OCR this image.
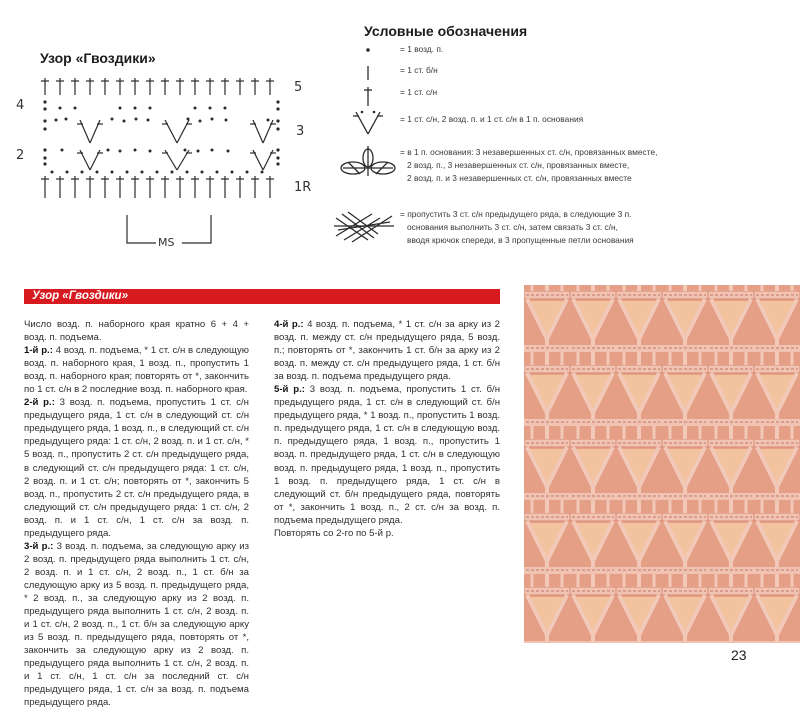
Узор «Гвоздики»
4
2
5
3
1R
MS
Условные обозначения
= 1 возд. п.
= 1 ст. б/н
= 1 ст. с/н
= 1 ст. с/н, 2 возд. п. и 1 ст. с/н в 1 п. основания
= в 1 п. основания: 3 незавершенных ст. с/н, провязанных вместе,
2 возд. п., 3 незавершенных ст. с/н, провязанных вместе,
2 возд. п. и 3 незавершенных ст. с/н, провязанных вместе
= пропустить 3 ст. с/н предыдущего ряда, в следующие 3 п.
основания выполнить 3 ст. с/н, затем связать 3 ст. с/н,
вводя крючок спереди, в 3 пропущенные петли основания
Узор «Гвоздики»

Число возд. п. наборного края кратно 6 + 4 + возд. п. подъема.

1-й р.: 4 возд. п. подъема, * 1 ст. с/н в следующую возд. п. наборного края, 1 возд. п., пропустить 1 возд. п. наборного края; повторять от *, закончить по 1 ст. с/н в 2 последние возд. п. наборного края.

2-й р.: 3 возд. п. подъема, пропустить 1 ст. с/н предыдущего ряда, 1 ст. с/н в следующий ст. с/н предыдущего ряда, 1 возд. п., в следующий ст. с/н предыдущего ряда: 1 ст. с/н, 2 возд. п. и 1 ст. с/н, * 5 возд. п., пропустить 2 ст. с/н предыдущего ряда, в следующий ст. с/н предыдущего ряда: 1 ст. с/н, 2 возд. п. и 1 ст. с/н; повторять от *, закончить 5 возд. п., пропустить 2 ст. с/н предыдущего ряда, в следующий ст. с/н предыдущего ряда: 1 ст. с/н, 2 возд. п. и 1 ст. с/н, 1 ст. с/н за возд. п. предыдущего ряда.

3-й р.: 3 возд. п. подъема, за следующую арку из 2 возд. п. предыдущего ряда выполнить 1 ст. с/н, 2 возд. п. и 1 ст. с/н, 2 возд. п., 1 ст. б/н за следующую арку из 5 возд. п. предыдущего ряда, * 2 возд. п., за следующую арку из 2 возд. п. предыдущего ряда выполнить 1 ст. с/н, 2 возд. п. и 1 ст. с/н, 2 возд. п., 1 ст. б/н за следующую арку из 5 возд. п. предыдущего ряда, повторять от *, закончить за следующую арку из 2 возд. п. предыдущего ряда выполнить 1 ст. с/н, 2 возд. п. и 1 ст. с/н, 1 ст. с/н за последний ст. с/н предыдущего ряда, 1 ст. с/н за возд. п. подъема предыдущего ряда.

4-й р.: 4 возд. п. подъема, * 1 ст. с/н за арку из 2 возд. п. между ст. с/н предыдущего ряда, 5 возд. п.; повторять от *, закончить 1 ст. б/н за арку из 2 возд. п. между ст. с/н предыдущего ряда, 1 ст. б/н за возд. п. подъема предыдущего ряда.

5-й р.: 3 возд. п. подъема, пропустить 1 ст. б/н предыдущего ряда, 1 ст. с/н в следующий ст. б/н предыдущего ряда, * 1 возд. п., пропустить 1 возд. п. предыдущего ряда, 1 ст. с/н в следующую возд. п. предыдущего ряда, 1 возд. п., пропустить 1 возд. п. предыдущего ряда, 1 ст. с/н в следующую возд. п. предыдущего ряда, 1 возд. п., пропустить 1 возд. п. предыдущего ряда, 1 ст. с/н в следующий ст. б/н предыдущего ряда, повторять от *, закончить 1 возд. п., 2 ст. с/н за возд. п. подъема предыдущего ряда.

Повторять со 2-го по 5-й р.

23
